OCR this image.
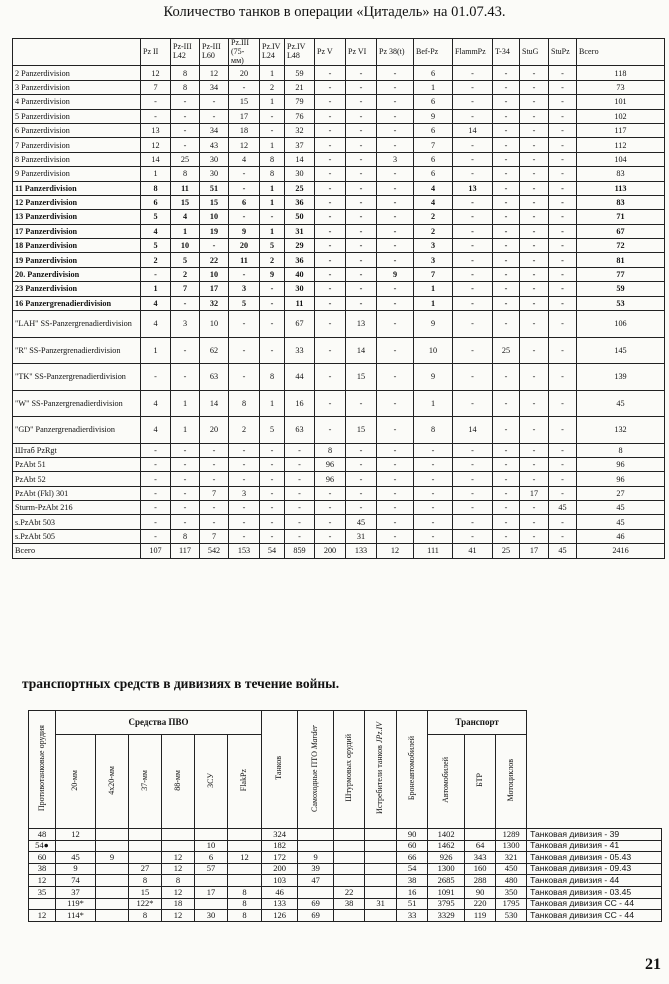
Количество танков в операции «Цитадель» на 01.07.43.
	Pz II	Pz-III L42	Pz-III L60	Pz.III (75-мм)	Pz.IV L24	Pz.IV L48	Pz V	Pz VI	Pz 38(t)	Bef-Pz	FlammPz	T-34	StuG	StuPz	Всего
2 Panzerdivision	12	8	12	20	1	59	-	-	-	6	-	-	-	-	118
3 Panzerdivision	7	8	34	-	2	21	-	-	-	1	-	-	-	-	73
4 Panzerdivision	-	-	-	15	1	79	-	-	-	6	-	-	-	-	101
5 Panzerdivision	-	-	-	17	-	76	-	-	-	9	-	-	-	-	102
6 Panzerdivision	13	-	34	18	-	32	-	-	-	6	14	-	-	-	117
7 Panzerdivision	12	-	43	12	1	37	-	-	-	7	-	-	-	-	112
8 Panzerdivision	14	25	30	4	8	14	-	-	3	6	-	-	-	-	104
9 Panzerdivision	1	8	30	-	8	30	-	-	-	6	-	-	-	-	83
11 Panzerdivision	8	11	51	-	1	25	-	-	-	4	13	-	-	-	113
12 Panzerdivision	6	15	15	6	1	36	-	-	-	4	-	-	-	-	83
13 Panzerdivision	5	4	10	-	-	50	-	-	-	2	-	-	-	-	71
17 Panzerdivision	4	1	19	9	1	31	-	-	-	2	-	-	-	-	67
18 Panzerdivision	5	10	-	20	5	29	-	-	-	3	-	-	-	-	72
19 Panzerdivision	2	5	22	11	2	36	-	-	-	3	-	-	-	-	81
20. Panzerdivision	-	2	10	-	9	40	-	-	9	7	-	-	-	-	77
23 Panzerdivision	1	7	17	3	-	30	-	-	-	1	-	-	-	-	59
16 Panzergrenadierdivision	4	-	32	5	-	11	-	-	-	1	-	-	-	-	53
"LAH" SS-Panzergrenadierdivision	4	3	10	-	-	67	-	13	-	9	-	-	-	-	106
"R" SS-Panzergrenadierdivision	1	-	62	-	-	33	-	14	-	10	-	25	-	-	145
"TK" SS-Panzergrenadierdivision	-	-	63	-	8	44	-	15	-	9	-	-	-	-	139
"W" SS-Panzergrenadierdivision	4	1	14	8	1	16	-	-	-	1	-	-	-	-	45
"GD" Panzergrenadierdivision	4	1	20	2	5	63	-	15	-	8	14	-	-	-	132
Штаб PzRgt	-	-	-	-	-	-	8	-	-	-	-	-	-	-	8
PzAbt 51	-	-	-	-	-	-	96	-	-	-	-	-	-	-	96
PzAbt 52	-	-	-	-	-	-	96	-	-	-	-	-	-	-	96
PzAbt (Fkl) 301	-	-	7	3	-	-	-	-	-	-	-	-	17	-	27
Sturm-PzAbt 216	-	-	-	-	-	-	-	-	-	-	-	-	-	45	45
s.PzAbt 503	-	-	-	-	-	-	-	45	-	-	-	-	-	-	45
s.PzAbt 505	-	8	7	-	-	-	-	31	-	-	-	-	-	-	46
Всего	107	117	542	153	54	859	200	133	12	111	41	25	17	45	2416
транспортных средств в дивизиях в течение войны.
Противотанковые орудия	Средства ПВО						Танков	Самоходные ПТО Marder	Штурмовых орудий	Истребители танков JPz.IV	Бронеавтомобилей	Транспорт			
	20-мм	4x20-мм	37-мм	88-мм	ЗСУ	FlakPz						Автомобилей	БТР	Мотоциклов	
48	12						324				90	1402		1289	Танковая дивизия - 39
54●					10		182				60	1462	64	1300	Танковая дивизия - 41
60	45	9		12	6	12	172	9			66	926	343	321	Танковая дивизия - 05.43
38	9		27	12	57		200	39			54	1300	160	450	Танковая дивизия - 09.43
12	74		8	8			103	47			38	2685	288	480	Танковая дивизия - 44
35	37		15	12	17	8	46		22		16	1091	90	350	Танковая дивизия - 03.45
	119*		122*	18		8	133	69	38	31	51	3795	220	1795	Танковая дивизия СС - 44
12	114*		8	12	30	8	126	69			33	3329	119	530	Танковая дивизия СС - 44
21
